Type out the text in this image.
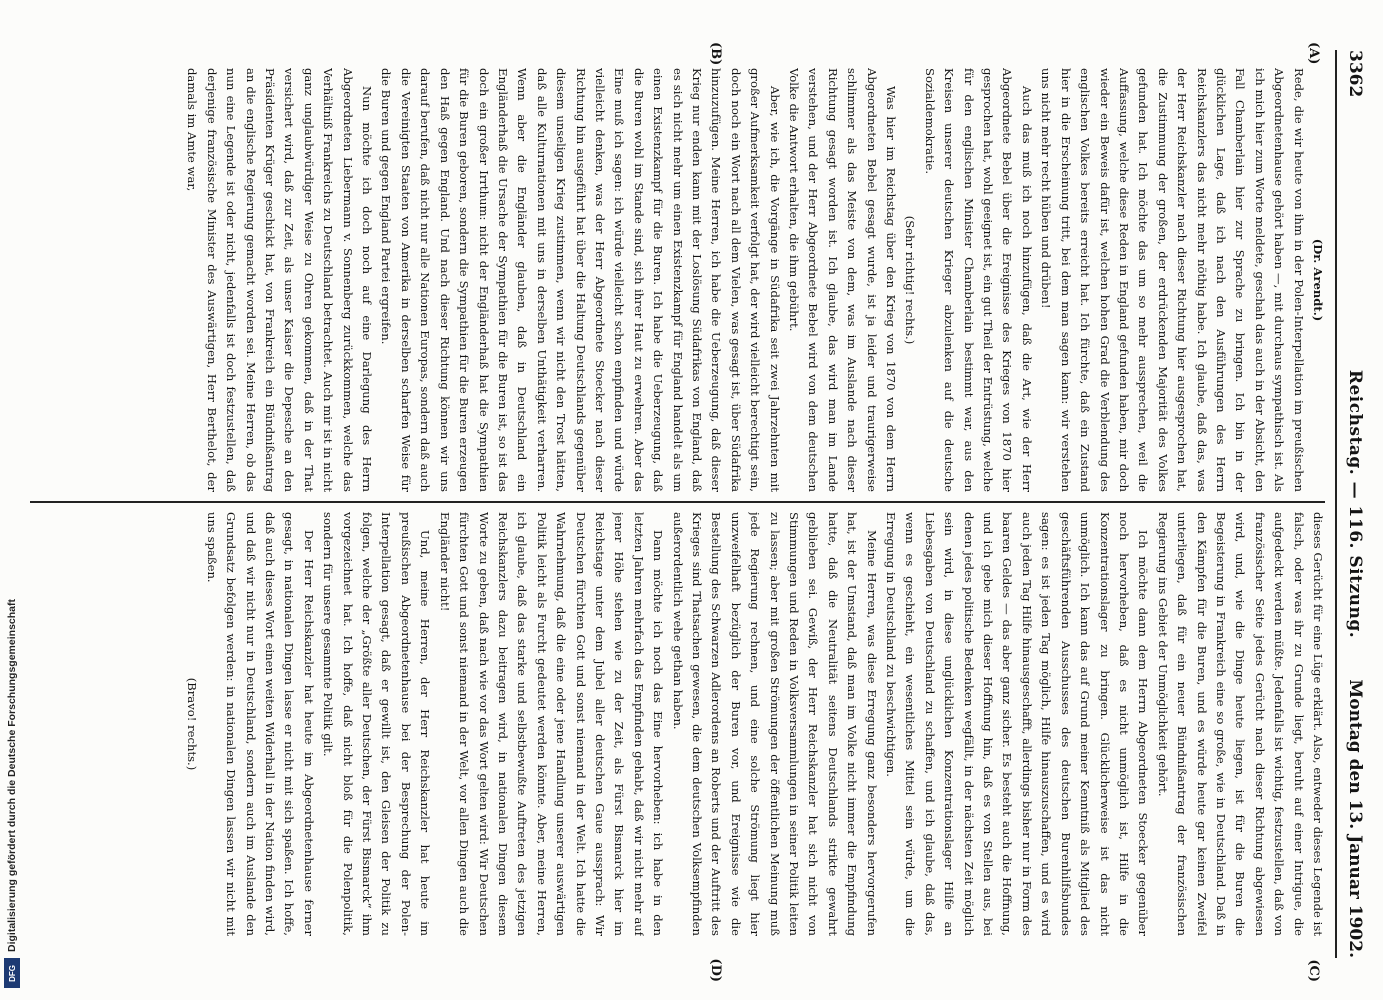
3362
Reichstag. — 116. Sitzung.
Montag den 13. Januar 1902.
(A)
(B)
(C)
(D)

(Dr. Arendt.)

Rede, die wir heute von ihm in der Polen-Interpellation im preußischen Abgeordnetenhause gehört haben —, mit durchaus sympathisch ist. Als ich mich hier zum Worte meldete, geschah das auch in der Absicht, den Fall Chamberlain hier zur Sprache zu bringen. Ich bin in der glücklichen Lage, daß ich nach den Ausführungen des Herrn Reichskanzlers das nicht mehr nöthig habe. Ich glaube, daß das, was der Herr Reichskanzler nach dieser Richtung hier ausgesprochen hat, die Zustimmung der großen, der erdrückenden Majorität des Volkes gefunden hat. Ich möchte das um so mehr aussprechen, weil die Auffassung, welche diese Reden in England gefunden haben, mir doch wieder ein Beweis dafür ist, welchen hohen Grad die Verblendung des englischen Volkes bereits erreicht hat. Ich fürchte, daß ein Zustand hier in die Erscheinung tritt, bei dem man sagen kann: wir verstehen uns nicht mehr recht hüben und drüben!

Auch das muß ich noch hinzufügen, daß die Art, wie der Herr Abgeordnete Bebel über die Ereignisse des Krieges von 1870 hier gesprochen hat, wohl geeignet ist, ein gut Theil der Entrüstung, welche für den englischen Minister Chamberlain bestimmt war, aus den Kreisen unserer deutschen Krieger abzulenken auf die deutsche Sozialdemokratie.

(Sehr richtig! rechts.)

Was hier im Reichstag über den Krieg von 1870 von dem Herrn Abgeordneten Bebel gesagt wurde, ist ja leider und traurigerweise schlimmer als das Meiste von dem, was im Auslande nach dieser Richtung gesagt worden ist. Ich glaube, das wird man im Lande verstehen, und der Herr Abgeordnete Bebel wird von dem deutschen Volke die Antwort erhalten, die ihm gebührt.

Aber, wie ich, die Vorgänge in Südafrika seit zwei Jahrzehnten mit großer Aufmerksamkeit verfolgt hat, der wird vielleicht berechtigt sein, doch noch ein Wort nach all dem Vielen, was gesagt ist, über Südafrika hinzuzufügen. Meine Herren, ich habe die Ueberzeugung, daß dieser Krieg nur enden kann mit der Loslösung Südafrikas von England, daß es sich nicht mehr um einen Existenzkampf für England handelt als um einen Existenzkampf für die Buren. Ich habe die Ueberzeugung, daß die Buren wohl im Stande sind, sich ihrer Haut zu erwehren. Aber das Eine muß ich sagen: ich würde vielleicht schon empfinden und würde vielleicht denken, was der Herr Abgeordnete Stoecker nach dieser Richtung hin ausgeführt hat über die Haltung Deutschlands gegenüber diesem unseligen Krieg zustimmen, wenn wir nicht den Trost hätten, daß alle Kulturnationen mit uns in derselben Unthätigkeit verharren. Wenn aber die Engländer glauben, daß in Deutschland ein Engländerhaß die Ursache der Sympathien für die Buren ist, so ist das doch ein großer Irrthum: nicht der Engländerhaß hat die Sympathien für die Buren geboren, sondern die Sympathien für die Buren erzeugen den Haß gegen England. Und nach dieser Richtung können wir uns darauf berufen, daß nicht nur alle Nationen Europas, sondern daß auch die Vereinigten Staaten von Amerika in derselben scharfen Weise für die Buren und gegen England Partei ergreifen.

Nun möchte ich doch noch auf eine Darlegung des Herrn Abgeordneten Liebermann v. Sonnenberg zurückkommen, welche das Verhältniß Frankreichs zu Deutschland betrachtet. Auch mir ist in nicht ganz unglaubwürdiger Weise zu Ohren gekommen, daß in der That versichert wird, daß zur Zeit, als unser Kaiser die Depesche an den Präsidenten Krüger geschickt hat, von Frankreich ein Bündnißantrag an die englische Regierung gemacht worden sei. Meine Herren, ob das nun eine Legende ist oder nicht, jedenfalls ist doch festzustellen, daß derjenige französische Minister des Auswärtigen, Herr Berthelot, der damals im Amte war,

dieses Gerücht für eine Lüge erklärt. Also, entweder dieses Legende ist falsch, oder was ihr zu Grunde liegt, beruht auf einer Intrigue, die aufgedeckt werden müßte. Jedenfalls ist wichtig, festzustellen, daß von französischer Seite jedes Gerücht nach dieser Richtung abgewiesen wird, und, wie die Dinge heute liegen, ist für die Buren die Begeisterung in Frankreich eine so große, wie in Deutschland. Daß in den Kämpfen für die Buren, und es würde heute gar keinen Zweifel unterliegen, daß für ein neuer Bündnißantrag der französischen Regierung ins Gebiet der Unmöglichkeit gehört.

Ich möchte dann dem Herrn Abgeordneten Stoecker gegenüber noch hervorheben, daß es nicht unmöglich ist, Hilfe in die Konzentrationslager zu bringen. Glücklicherweise ist das nicht unmöglich. Ich kann das auf Grund meiner Kenntniß als Mitglied des geschäftsführenden Ausschusses des deutschen Burenhilfsbundes sagen: es ist jeden Tag möglich, Hilfe hinauszuschaffen, und es wird auch jeden Tag Hilfe hinausgeschafft, allerdings bisher nur in Form des baaren Geldes — das aber ganz sicher. Es besteht auch die Hoffnung, und ich gebe mich dieser Hoffnung hin, daß es von Stellen aus, bei denen jedes politische Bedenken wegfällt, in der nächsten Zeit möglich sein wird, in diese unglücklichen Konzentrationslager Hilfe an Liebesgaben von Deutschland zu schaffen, und ich glaube, daß das, wenn es geschieht, ein wesentliches Mittel sein würde, um die Erregung in Deutschland zu beschwichtigen.

Meine Herren, was diese Erregung ganz besonders hervorgerufen hat, ist der Umstand, daß man im Volke nicht immer die Empfindung hatte, daß die Neutralität seitens Deutschlands strikte gewahrt geblieben sei. Gewiß, der Herr Reichskanzler hat sich nicht von Stimmungen und Reden in Volksversammlungen in seiner Politik leiten zu lassen; aber mit großen Strömungen der öffentlichen Meinung muß jede Regierung rechnen, und eine solche Strömung liegt hier unzweifelhaft bezüglich der Buren vor, und Ereignisse wie die Bestellung des Schwarzen Adlerordens an Roberts und der Auftritt des Krieges sind Thatsachen gewesen, die dem deutschen Volksempfinden außerordentlich wehe gethan haben.

Dann möchte ich noch das Eine hervorheben: ich habe in den letzten Jahren mehrfach das Empfinden gehabt, daß wir nicht mehr auf jener Höhe stehen wie zu der Zeit, als Fürst Bismarck hier im Reichstage unter dem Jubel aller deutschen Gaue aussprach: Wir Deutschen fürchten Gott und sonst niemand in der Welt. Ich hatte die Wahrnehmung, daß die eine oder jene Handlung unserer auswärtigen Politik leicht als Furcht gedeutet werden könnte. Aber, meine Herren, ich glaube, daß das starke und selbstbewußte Auftreten des jetzigen Reichskanzlers dazu beitragen wird, in nationalen Dingen diesem Worte zu geben, daß nach wie vor das Wort gelten wird: Wir Deutschen fürchten Gott und sonst niemand in der Welt, vor allen Dingen auch die Engländer nicht!

Und, meine Herren, der Herr Reichskanzler hat heute im preußischen Abgeordnetenhause bei der Besprechung der Polen-Interpellation gesagt, daß er gewillt ist, den Gleisen der Politik zu folgen, welche der „Größte aller Deutschen, der Fürst Bismarck“ ihm vorgezeichnet hat. Ich hoffe, daß nicht bloß für die Polenpolitik, sondern für unsere gesammte Politik gilt.

Der Herr Reichskanzler hat heute im Abgeordnetenhause ferner gesagt, in nationalen Dingen lasse er nicht mit sich spaßen. Ich hoffe, daß auch dieses Wort einen weiten Widerhall in der Nation finden wird, und daß wir nicht nur in Deutschland, sondern auch im Auslande den Grundsatz befolgen werden: in nationalen Dingen lassen wir nicht mit uns spaßen.

(Bravo! rechts.)

Digitalisierung gefördert durch die Deutsche Forschungsgemeinschaft
DFG
